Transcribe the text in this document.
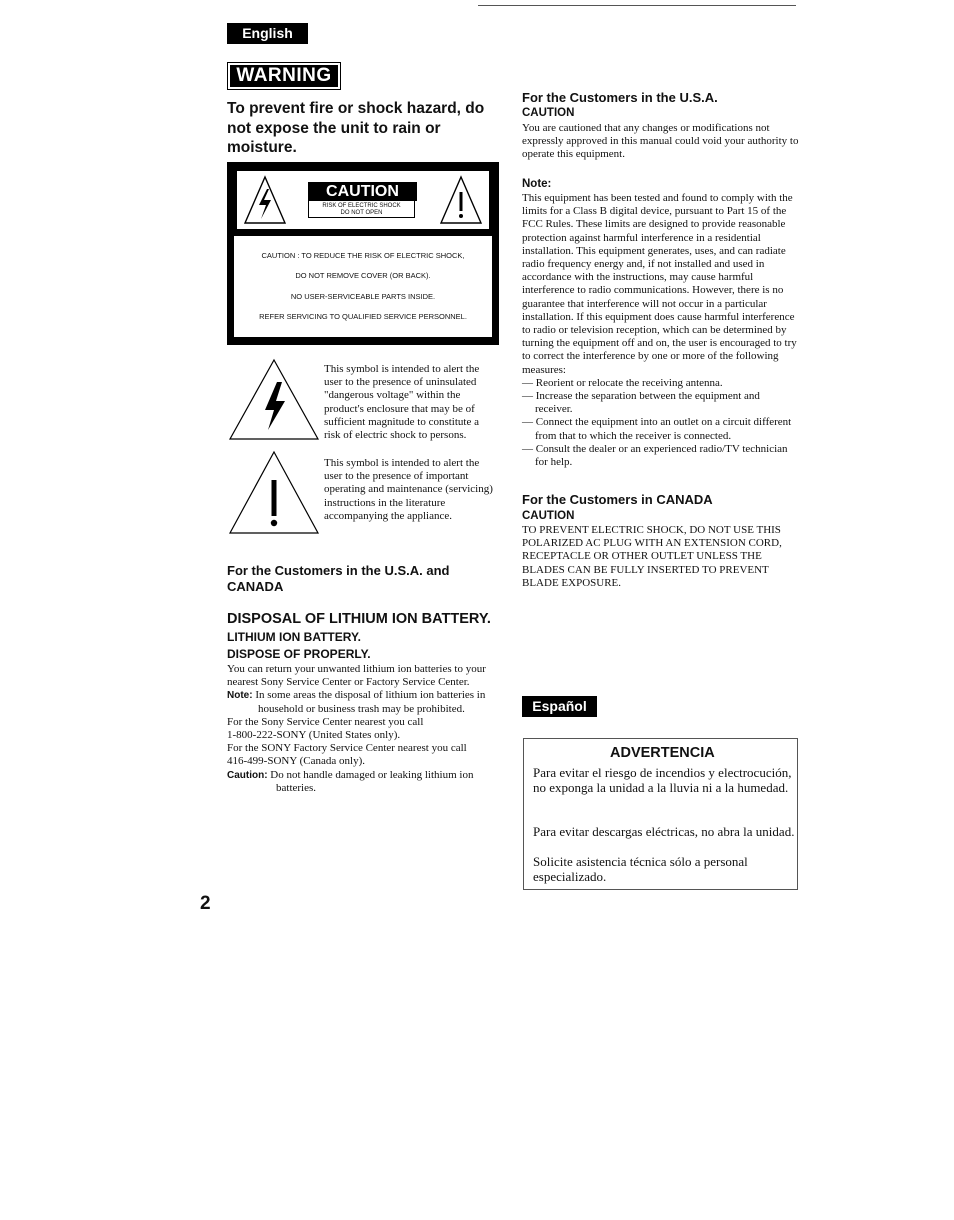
English
WARNING
To prevent fire or shock hazard, do not expose the unit to rain or moisture.
CAUTION
RISK OF ELECTRIC SHOCK
DO NOT OPEN
CAUTION : TO REDUCE THE RISK OF ELECTRIC SHOCK,
DO NOT REMOVE COVER (OR BACK).
NO USER-SERVICEABLE PARTS INSIDE.
REFER SERVICING TO QUALIFIED SERVICE PERSONNEL.
This symbol is intended to alert the user to the presence of uninsulated "dangerous voltage" within the product's enclosure that may be of sufficient magnitude to constitute a risk of electric shock to persons.
This symbol is intended to alert the user to the presence of important operating and maintenance (servicing) instructions in the literature accompanying the appliance.
For the Customers in the U.S.A. and CANADA
DISPOSAL OF LITHIUM ION BATTERY.
LITHIUM ION BATTERY.
DISPOSE OF PROPERLY.
You can return your unwanted lithium ion batteries to your nearest Sony Service Center or Factory Service Center.
Note: In some areas the disposal of lithium ion batteries in household or business trash may be prohibited.
For the Sony Service Center nearest you call
1-800-222-SONY (United States only).
For the SONY Factory Service Center nearest you call
416-499-SONY (Canada only).
Caution: Do not handle damaged or leaking lithium ion batteries.
2
For the Customers in the U.S.A.
CAUTION
You are cautioned that any changes or modifications not expressly approved in this manual could void your authority to operate this equipment.
Note:
This equipment has been tested and found to comply with the limits for a Class B digital device, pursuant to Part 15 of the FCC Rules. These limits are designed to provide reasonable protection against harmful interference in a residential installation. This equipment generates, uses, and can radiate radio frequency energy and, if not installed and used in accordance with the instructions, may cause harmful interference to radio communications. However, there is no guarantee that interference will not occur in a particular installation. If this equipment does cause harmful interference to radio or television reception, which can be determined by turning the equipment off and on, the user is encouraged to try to correct the interference by one or more of the following measures:
— Reorient or relocate the receiving antenna.
— Increase the separation between the equipment and receiver.
— Connect the equipment into an outlet on a circuit different from that to which the receiver is connected.
— Consult the dealer or an experienced radio/TV technician for help.
For the Customers in CANADA
CAUTION
TO PREVENT ELECTRIC SHOCK, DO NOT USE THIS POLARIZED AC PLUG WITH AN EXTENSION CORD, RECEPTACLE OR OTHER OUTLET UNLESS THE BLADES CAN BE FULLY INSERTED TO PREVENT BLADE EXPOSURE.
Español
ADVERTENCIA
Para evitar el riesgo de incendios y electrocución, no exponga la unidad a la lluvia ni a la humedad.
Para evitar descargas eléctricas, no abra la unidad.
Solicite asistencia técnica sólo a personal especializado.
